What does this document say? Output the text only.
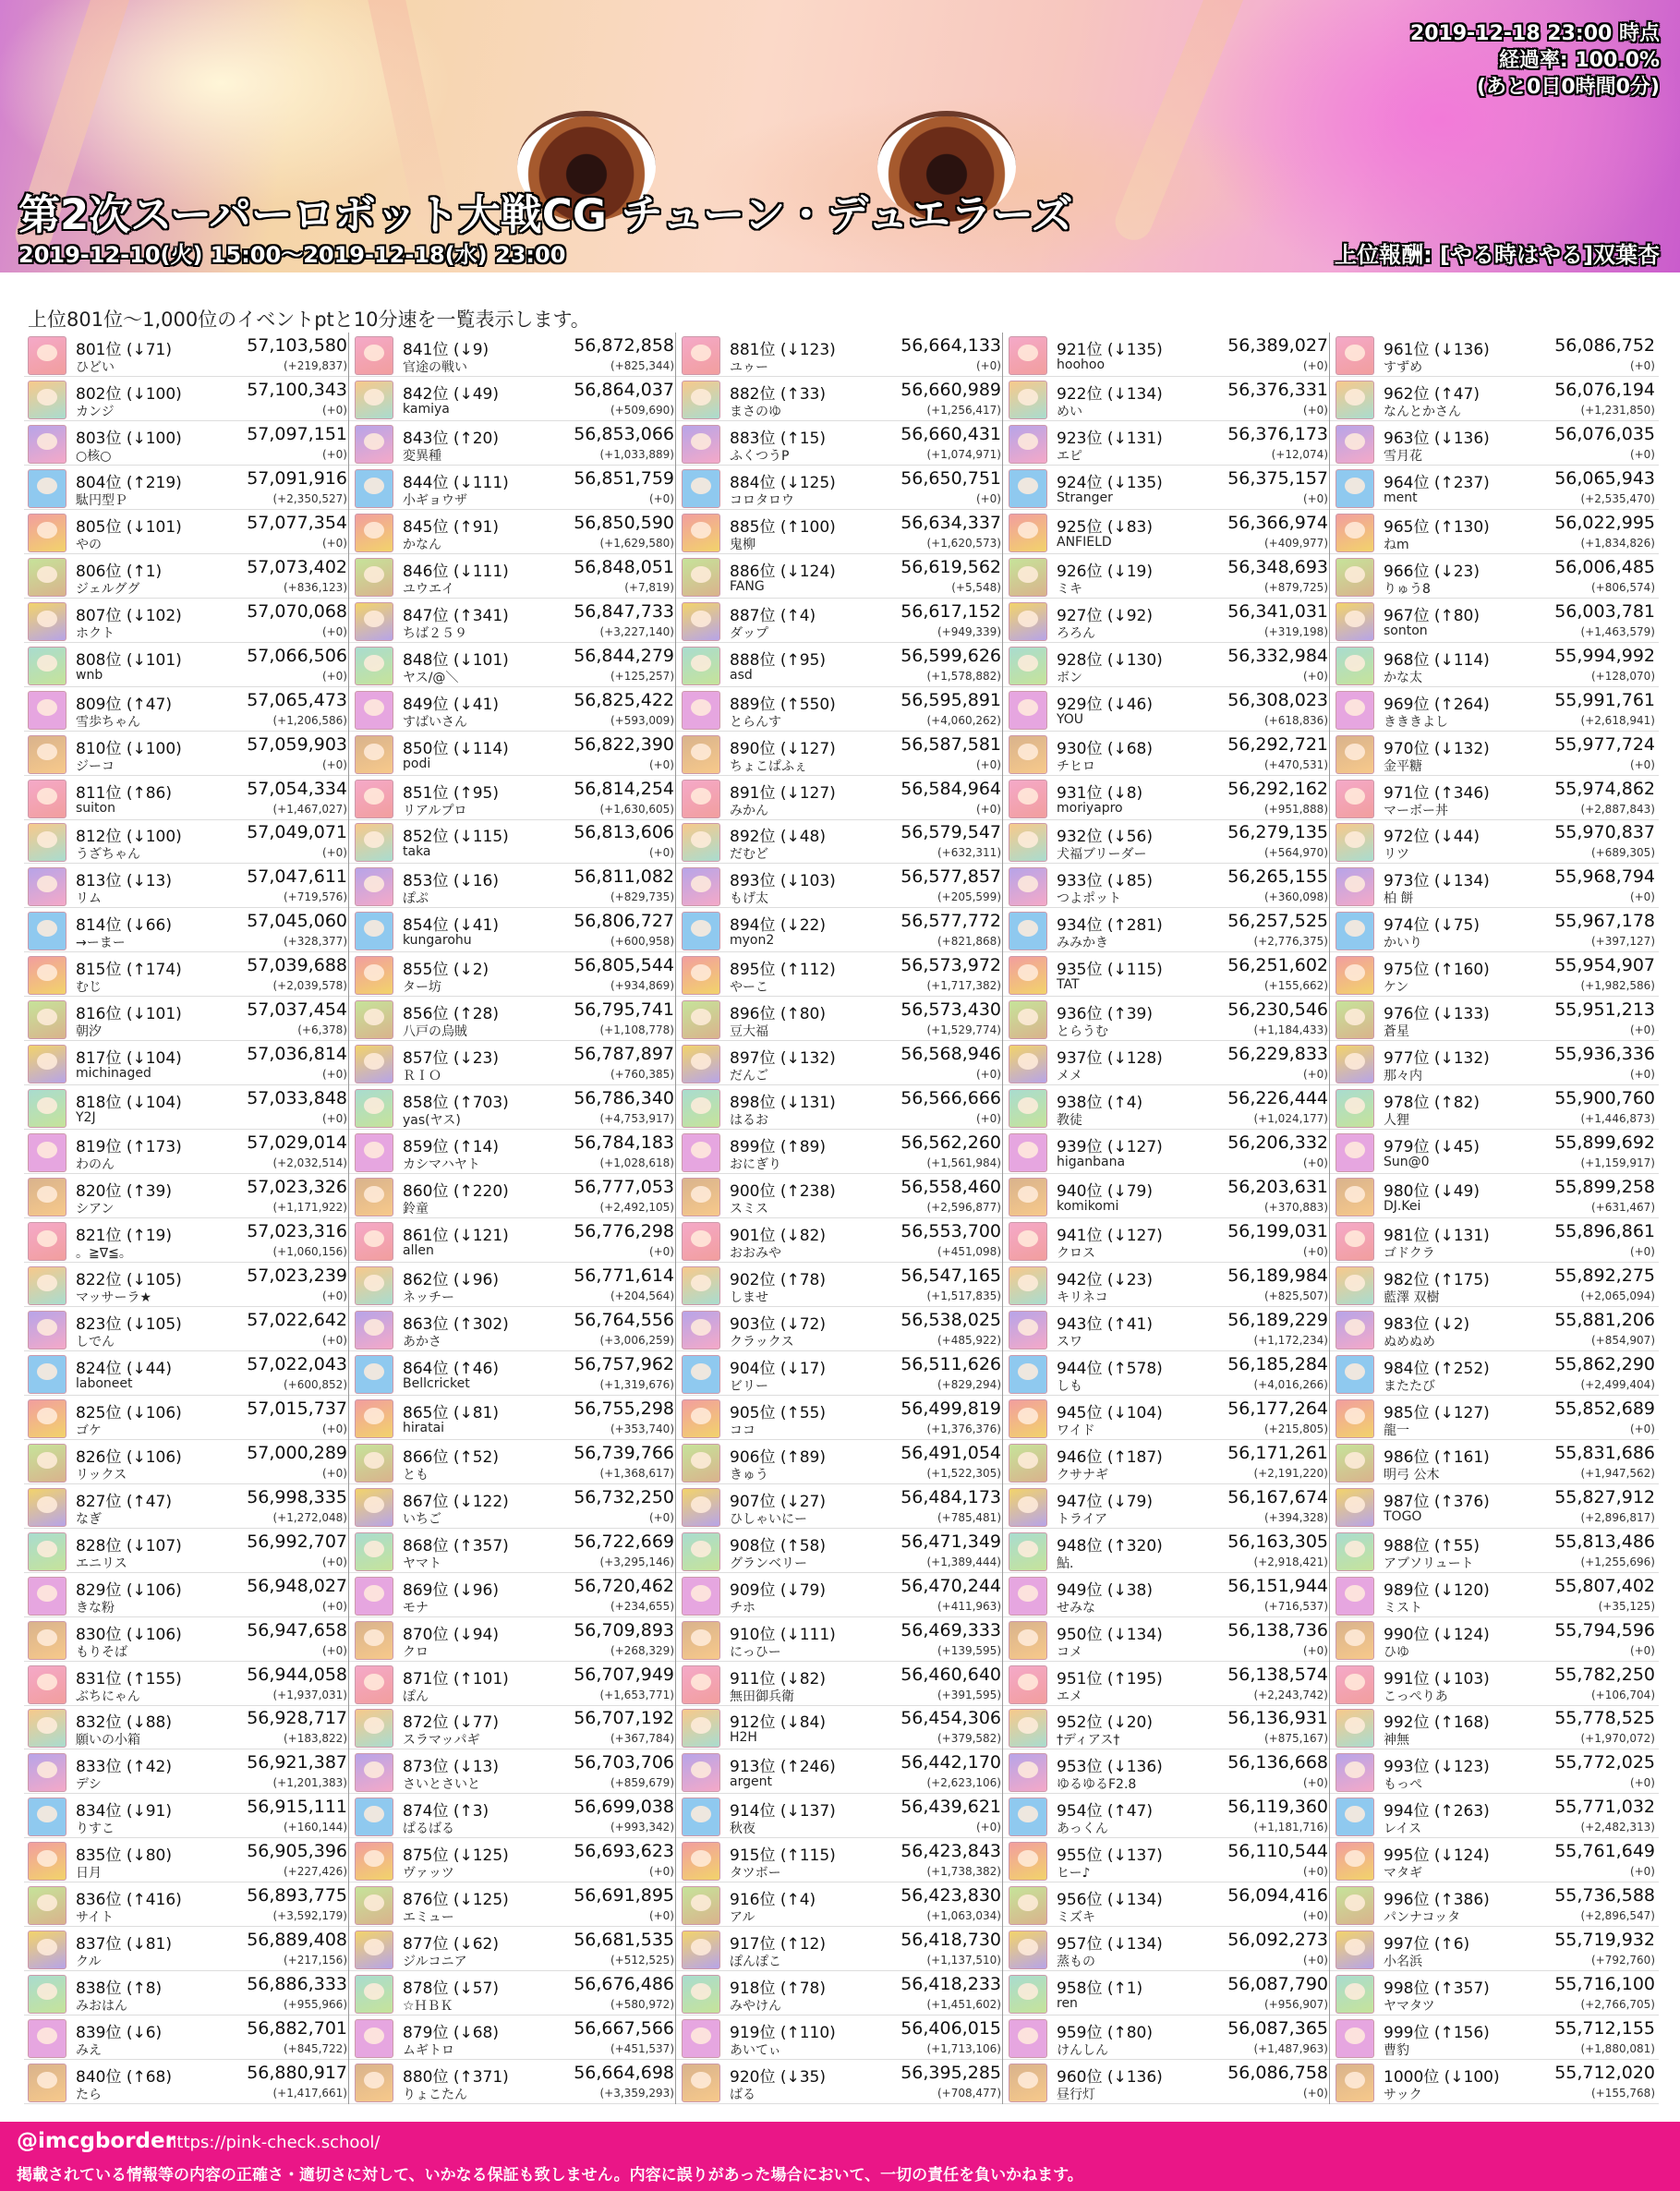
2019-12-18 23:00 時点
経過率: 100.0%
(あと0日0時間0分)
第2次スーパーロボット大戦CG チューン・デュエラーズ
2019-12-10(火) 15:00～2019-12-18(水) 23:00	上位報酬: [やる時はやる]双葉杏
上位801位～1,000位のイベントptと10分速を一覧表示します。
801位 (↓71)
ひどい
57,103,580
(+219,837)
802位 (↓100)
カンジ
57,100,343
(+0)
803位 (↓100)
○核○
57,097,151
(+0)
804位 (↑219)
駄円型Ｐ
57,091,916
(+2,350,527)
805位 (↓101)
やの
57,077,354
(+0)
806位 (↑1)
ジェルググ
57,073,402
(+836,123)
807位 (↓102)
ホクト
57,070,068
(+0)
808位 (↓101)
wnb
57,066,506
(+0)
809位 (↑47)
雪歩ちゃん
57,065,473
(+1,206,586)
810位 (↓100)
ジーコ
57,059,903
(+0)
811位 (↑86)
suiton
57,054,334
(+1,467,027)
812位 (↓100)
うざちゃん
57,049,071
(+0)
813位 (↓13)
リム
57,047,611
(+719,576)
814位 (↓66)
→ーまー
57,045,060
(+328,377)
815位 (↑174)
むじ
57,039,688
(+2,039,578)
816位 (↓101)
朝汐
57,037,454
(+6,378)
817位 (↓104)
michinaged
57,036,814
(+0)
818位 (↓104)
Y2J
57,033,848
(+0)
819位 (↑173)
わのん
57,029,014
(+2,032,514)
820位 (↑39)
シアン
57,023,326
(+1,171,922)
821位 (↑19)
。≧∇≦。
57,023,316
(+1,060,156)
822位 (↓105)
マッサーラ★
57,023,239
(+0)
823位 (↓105)
しでん
57,022,642
(+0)
824位 (↓44)
laboneet
57,022,043
(+600,852)
825位 (↓106)
ゴケ
57,015,737
(+0)
826位 (↓106)
リックス
57,000,289
(+0)
827位 (↑47)
なぎ
56,998,335
(+1,272,048)
828位 (↓107)
エニリス
56,992,707
(+0)
829位 (↓106)
きな粉
56,948,027
(+0)
830位 (↓106)
もりそば
56,947,658
(+0)
831位 (↑155)
ぶちにゃん
56,944,058
(+1,937,031)
832位 (↓88)
願いの小箱
56,928,717
(+183,822)
833位 (↑42)
デシ
56,921,387
(+1,201,383)
834位 (↓91)
りすこ
56,915,111
(+160,144)
835位 (↓80)
日月
56,905,396
(+227,426)
836位 (↑416)
サイト
56,893,775
(+3,592,179)
837位 (↓81)
クル
56,889,408
(+217,156)
838位 (↑8)
みおはん
56,886,333
(+955,966)
839位 (↓6)
みえ
56,882,701
(+845,722)
840位 (↑68)
たら
56,880,917
(+1,417,661)
841位 (↓9)
官途の戦い
56,872,858
(+825,344)
842位 (↓49)
kamiya
56,864,037
(+509,690)
843位 (↑20)
変異種
56,853,066
(+1,033,889)
844位 (↓111)
小ギョウザ
56,851,759
(+0)
845位 (↑91)
かなん
56,850,590
(+1,629,580)
846位 (↓111)
ユウエイ
56,848,051
(+7,819)
847位 (↑341)
ちば２５９
56,847,733
(+3,227,140)
848位 (↓101)
ヤス/@＼
56,844,279
(+125,257)
849位 (↓41)
すばいさん
56,825,422
(+593,009)
850位 (↓114)
podi
56,822,390
(+0)
851位 (↑95)
リアルプロ
56,814,254
(+1,630,605)
852位 (↓115)
taka
56,813,606
(+0)
853位 (↓16)
ぽぷ
56,811,082
(+829,735)
854位 (↓41)
kungarohu
56,806,727
(+600,958)
855位 (↓2)
ター坊
56,805,544
(+934,869)
856位 (↑28)
八戸の烏賊
56,795,741
(+1,108,778)
857位 (↓23)
ＲＩＯ
56,787,897
(+760,385)
858位 (↑703)
yas(ヤス)
56,786,340
(+4,753,917)
859位 (↑14)
カシマハヤト
56,784,183
(+1,028,618)
860位 (↑220)
鈴童
56,777,053
(+2,492,105)
861位 (↓121)
allen
56,776,298
(+0)
862位 (↓96)
ネッチー
56,771,614
(+204,564)
863位 (↑302)
あかさ
56,764,556
(+3,006,259)
864位 (↑46)
Bellcricket
56,757,962
(+1,319,676)
865位 (↓81)
hiratai
56,755,298
(+353,740)
866位 (↑52)
とも
56,739,766
(+1,368,617)
867位 (↓122)
いちご
56,732,250
(+0)
868位 (↑357)
ヤマト
56,722,669
(+3,295,146)
869位 (↓96)
モナ
56,720,462
(+234,655)
870位 (↓94)
クロ
56,709,893
(+268,329)
871位 (↑101)
ぽん
56,707,949
(+1,653,771)
872位 (↓77)
スラマッパギ
56,707,192
(+367,784)
873位 (↓13)
さいとさいと
56,703,706
(+859,679)
874位 (↑3)
ぱるばる
56,699,038
(+993,342)
875位 (↓125)
ヴァッツ
56,693,623
(+0)
876位 (↓125)
エミュー
56,691,895
(+0)
877位 (↓62)
ジルコニア
56,681,535
(+512,525)
878位 (↓57)
☆ＨＢＫ
56,676,486
(+580,972)
879位 (↓68)
ムギトロ
56,667,566
(+451,537)
880位 (↑371)
りょこたん
56,664,698
(+3,359,293)
881位 (↓123)
ユゥー
56,664,133
(+0)
882位 (↑33)
まさのゆ
56,660,989
(+1,256,417)
883位 (↑15)
ふくつうP
56,660,431
(+1,074,971)
884位 (↓125)
コロタロウ
56,650,751
(+0)
885位 (↑100)
鬼柳
56,634,337
(+1,620,573)
886位 (↓124)
FANG
56,619,562
(+5,548)
887位 (↑4)
ダップ
56,617,152
(+949,339)
888位 (↑95)
asd
56,599,626
(+1,578,882)
889位 (↑550)
とらんす
56,595,891
(+4,060,262)
890位 (↓127)
ちょこぱふぇ
56,587,581
(+0)
891位 (↓127)
みかん
56,584,964
(+0)
892位 (↓48)
だむど
56,579,547
(+632,311)
893位 (↓103)
もげ太
56,577,857
(+205,599)
894位 (↓22)
myon2
56,577,772
(+821,868)
895位 (↑112)
やーこ
56,573,972
(+1,717,382)
896位 (↑80)
豆大福
56,573,430
(+1,529,774)
897位 (↓132)
だんご
56,568,946
(+0)
898位 (↓131)
はるお
56,566,666
(+0)
899位 (↑89)
おにぎり
56,562,260
(+1,561,984)
900位 (↑238)
スミス
56,558,460
(+2,596,877)
901位 (↓82)
おおみや
56,553,700
(+451,098)
902位 (↑78)
しませ
56,547,165
(+1,517,835)
903位 (↓72)
クラックス
56,538,025
(+485,922)
904位 (↓17)
ビリー
56,511,626
(+829,294)
905位 (↑55)
ココ
56,499,819
(+1,376,376)
906位 (↑89)
きゅう
56,491,054
(+1,522,305)
907位 (↓27)
ひしゃいにー
56,484,173
(+785,481)
908位 (↑58)
グランベリー
56,471,349
(+1,389,444)
909位 (↓79)
チホ
56,470,244
(+411,963)
910位 (↓111)
にっひー
56,469,333
(+139,595)
911位 (↓82)
無田御兵衛
56,460,640
(+391,595)
912位 (↓84)
H2H
56,454,306
(+379,582)
913位 (↑246)
argent
56,442,170
(+2,623,106)
914位 (↓137)
秋夜
56,439,621
(+0)
915位 (↑115)
タツボー
56,423,843
(+1,738,382)
916位 (↑4)
アル
56,423,830
(+1,063,034)
917位 (↑12)
ぽんぽこ
56,418,730
(+1,137,510)
918位 (↑78)
みやけん
56,418,233
(+1,451,602)
919位 (↑110)
あいてぃ
56,406,015
(+1,713,106)
920位 (↓35)
ばる
56,395,285
(+708,477)
921位 (↓135)
hoohoo
56,389,027
(+0)
922位 (↓134)
めい
56,376,331
(+0)
923位 (↓131)
エピ
56,376,173
(+12,074)
924位 (↓135)
Stranger
56,375,157
(+0)
925位 (↓83)
ANFIELD
56,366,974
(+409,977)
926位 (↓19)
ミキ
56,348,693
(+879,725)
927位 (↓92)
ろろん
56,341,031
(+319,198)
928位 (↓130)
ボン
56,332,984
(+0)
929位 (↓46)
YOU
56,308,023
(+618,836)
930位 (↓68)
チヒロ
56,292,721
(+470,531)
931位 (↓8)
moriyapro
56,292,162
(+951,888)
932位 (↓56)
犬福ブリーダー
56,279,135
(+564,970)
933位 (↓85)
つよポット
56,265,155
(+360,098)
934位 (↑281)
みみかき
56,257,525
(+2,776,375)
935位 (↓115)
TAT
56,251,602
(+155,662)
936位 (↑39)
とらうむ
56,230,546
(+1,184,433)
937位 (↓128)
メメ
56,229,833
(+0)
938位 (↑4)
教徒
56,226,444
(+1,024,177)
939位 (↓127)
higanbana
56,206,332
(+0)
940位 (↓79)
komikomi
56,203,631
(+370,883)
941位 (↓127)
クロス
56,199,031
(+0)
942位 (↓23)
キリネコ
56,189,984
(+825,507)
943位 (↑41)
スワ
56,189,229
(+1,172,234)
944位 (↑578)
しも
56,185,284
(+4,016,266)
945位 (↓104)
ワイド
56,177,264
(+215,805)
946位 (↑187)
クサナギ
56,171,261
(+2,191,220)
947位 (↓79)
トライア
56,167,674
(+394,328)
948位 (↑320)
鮎.
56,163,305
(+2,918,421)
949位 (↓38)
せみな
56,151,944
(+716,537)
950位 (↓134)
コメ
56,138,736
(+0)
951位 (↑195)
エメ
56,138,574
(+2,243,742)
952位 (↓20)
†ディアス†
56,136,931
(+875,167)
953位 (↓136)
ゆるゆるF2.8
56,136,668
(+0)
954位 (↑47)
あっくん
56,119,360
(+1,181,716)
955位 (↓137)
ヒー♪
56,110,544
(+0)
956位 (↓134)
ミズキ
56,094,416
(+0)
957位 (↓134)
蒸もの
56,092,273
(+0)
958位 (↑1)
ren
56,087,790
(+956,907)
959位 (↑80)
けんしん
56,087,365
(+1,487,963)
960位 (↓136)
昼行灯
56,086,758
(+0)
961位 (↓136)
すずめ
56,086,752
(+0)
962位 (↑47)
なんとかさん
56,076,194
(+1,231,850)
963位 (↓136)
雪月花
56,076,035
(+0)
964位 (↑237)
ment
56,065,943
(+2,535,470)
965位 (↑130)
ねm
56,022,995
(+1,834,826)
966位 (↓23)
りゅう8
56,006,485
(+806,574)
967位 (↑80)
sonton
56,003,781
(+1,463,579)
968位 (↓114)
かな太
55,994,992
(+128,070)
969位 (↑264)
きききよし
55,991,761
(+2,618,941)
970位 (↓132)
金平糖
55,977,724
(+0)
971位 (↑346)
マーボー丼
55,974,862
(+2,887,843)
972位 (↓44)
リツ
55,970,837
(+689,305)
973位 (↓134)
柏 餅
55,968,794
(+0)
974位 (↓75)
かいり
55,967,178
(+397,127)
975位 (↑160)
ケン
55,954,907
(+1,982,586)
976位 (↓133)
蒼星
55,951,213
(+0)
977位 (↓132)
那々内
55,936,336
(+0)
978位 (↑82)
人狸
55,900,760
(+1,446,873)
979位 (↓45)
Sun@0
55,899,692
(+1,159,917)
980位 (↓49)
DJ.Kei
55,899,258
(+631,467)
981位 (↓131)
ゴドクラ
55,896,861
(+0)
982位 (↑175)
藍澤 双樹
55,892,275
(+2,065,094)
983位 (↓2)
ぬめぬめ
55,881,206
(+854,907)
984位 (↑252)
またたび
55,862,290
(+2,499,404)
985位 (↓127)
龍一
55,852,689
(+0)
986位 (↑161)
明弓 公木
55,831,686
(+1,947,562)
987位 (↑376)
TOGO
55,827,912
(+2,896,817)
988位 (↑55)
アブソリュート
55,813,486
(+1,255,696)
989位 (↓120)
ミスト
55,807,402
(+35,125)
990位 (↓124)
ひゆ
55,794,596
(+0)
991位 (↓103)
こっぺりあ
55,782,250
(+106,704)
992位 (↑168)
神無
55,778,525
(+1,970,072)
993位 (↓123)
もっぺ
55,772,025
(+0)
994位 (↑263)
レイス
55,771,032
(+2,482,313)
995位 (↓124)
マタギ
55,761,649
(+0)
996位 (↑386)
パンナコッタ
55,736,588
(+2,896,547)
997位 (↑6)
小名浜
55,719,932
(+792,760)
998位 (↑357)
ヤマタツ
55,716,100
(+2,766,705)
999位 (↑156)
曹豹
55,712,155
(+1,880,081)
1000位 (↓100)
サック
55,712,020
(+155,768)
@imcgborder
https://pink-check.school/
掲載されている情報等の内容の正確さ・適切さに対して、いかなる保証も致しません。内容に誤りがあった場合において、一切の責任を負いかねます。
